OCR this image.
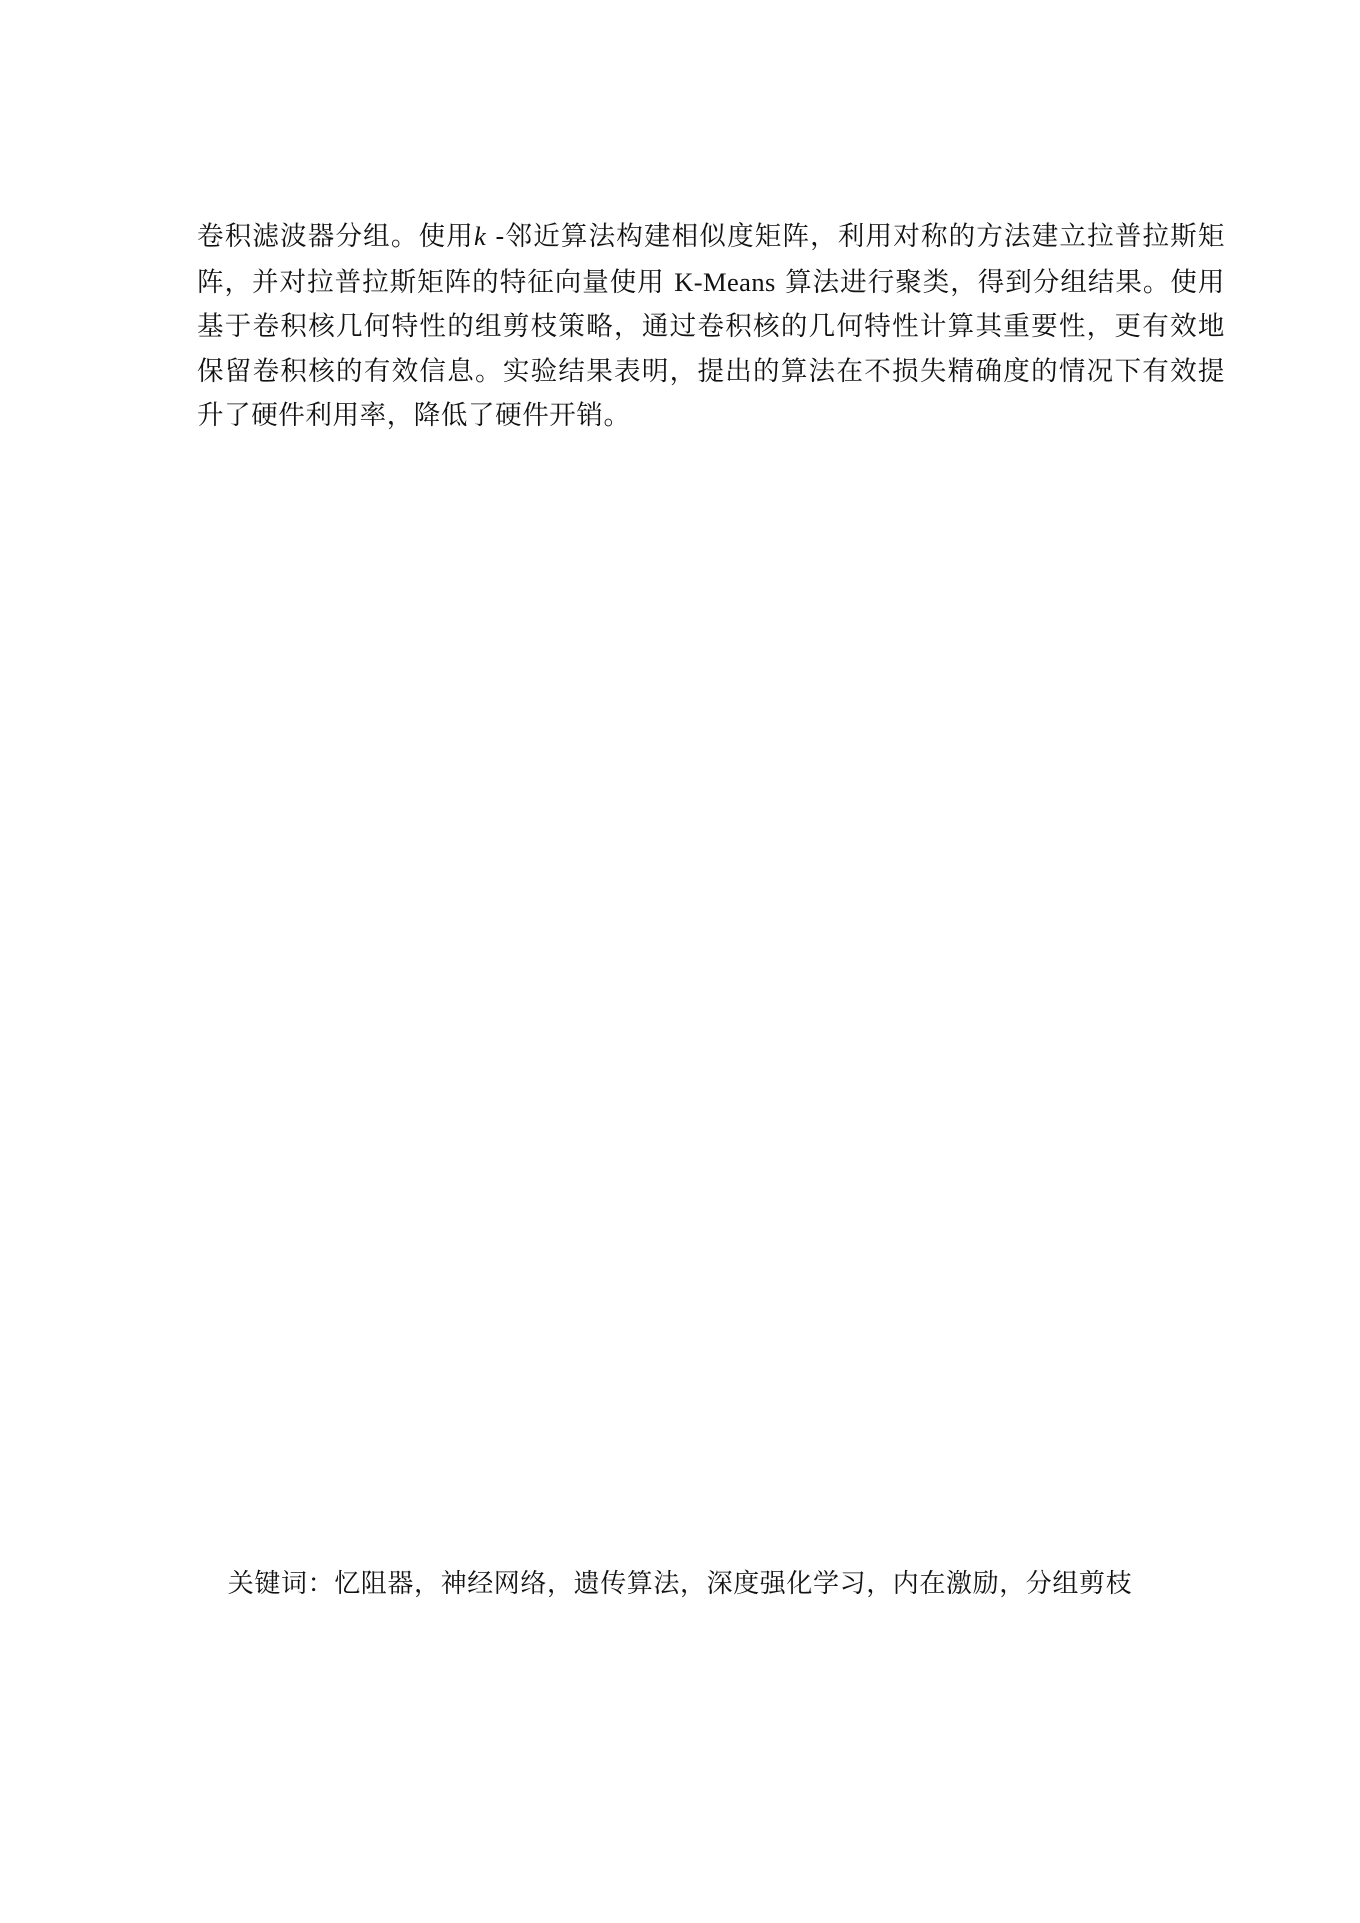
卷积滤波器分组。使用k -邻近算法构建相似度矩阵，利用对称的方法建立拉普拉斯矩
阵，并对拉普拉斯矩阵的特征向量使用 K-Means 算法进行聚类，得到分组结果。使用
基于卷积核几何特性的组剪枝策略，通过卷积核的几何特性计算其重要性，更有效地
保留卷积核的有效信息。实验结果表明，提出的算法在不损失精确度的情况下有效提
升了硬件利用率，降低了硬件开销。

关键词：忆阻器，神经网络，遗传算法，深度强化学习，内在激励，分组剪枝
